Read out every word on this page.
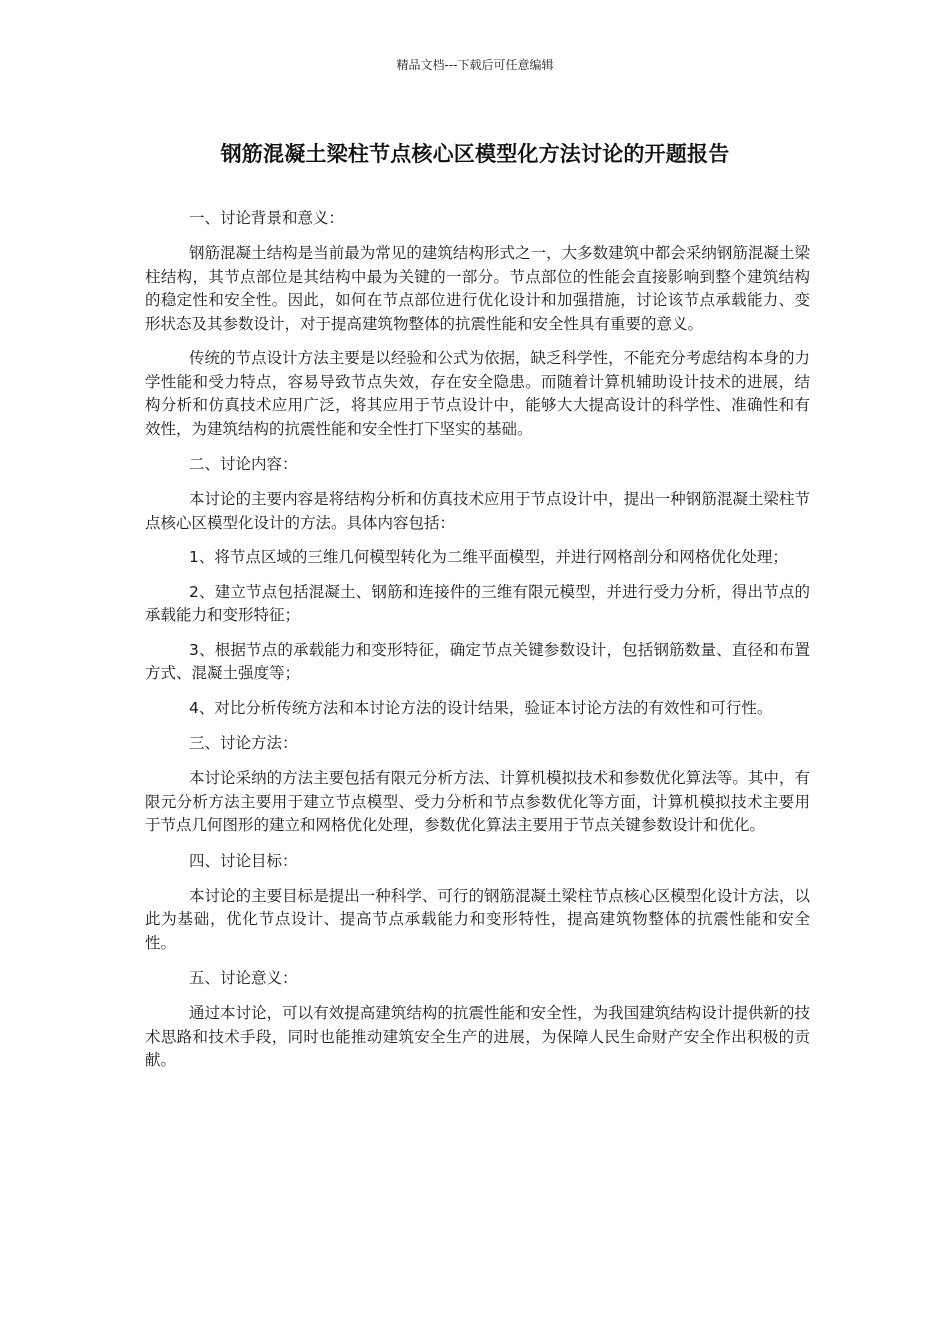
精品文档---下载后可任意编辑
钢筋混凝土梁柱节点核心区模型化方法讨论的开题报告

一、讨论背景和意义：

钢筋混凝土结构是当前最为常见的建筑结构形式之一，大多数建筑中都会采纳钢筋混凝土梁柱结构，其节点部位是其结构中最为关键的一部分。节点部位的性能会直接影响到整个建筑结构的稳定性和安全性。因此，如何在节点部位进行优化设计和加强措施，讨论该节点承载能力、变形状态及其参数设计，对于提高建筑物整体的抗震性能和安全性具有重要的意义。

传统的节点设计方法主要是以经验和公式为依据，缺乏科学性，不能充分考虑结构本身的力学性能和受力特点，容易导致节点失效，存在安全隐患。而随着计算机辅助设计技术的进展，结构分析和仿真技术应用广泛，将其应用于节点设计中，能够大大提高设计的科学性、准确性和有效性，为建筑结构的抗震性能和安全性打下坚实的基础。

二、讨论内容：

本讨论的主要内容是将结构分析和仿真技术应用于节点设计中，提出一种钢筋混凝土梁柱节点核心区模型化设计的方法。具体内容包括：

1、将节点区域的三维几何模型转化为二维平面模型，并进行网格剖分和网格优化处理；

2、建立节点包括混凝土、钢筋和连接件的三维有限元模型，并进行受力分析，得出节点的承载能力和变形特征；

3、根据节点的承载能力和变形特征，确定节点关键参数设计，包括钢筋数量、直径和布置方式、混凝土强度等；

4、对比分析传统方法和本讨论方法的设计结果，验证本讨论方法的有效性和可行性。

三、讨论方法：

本讨论采纳的方法主要包括有限元分析方法、计算机模拟技术和参数优化算法等。其中，有限元分析方法主要用于建立节点模型、受力分析和节点参数优化等方面，计算机模拟技术主要用于节点几何图形的建立和网格优化处理，参数优化算法主要用于节点关键参数设计和优化。

四、讨论目标：

本讨论的主要目标是提出一种科学、可行的钢筋混凝土梁柱节点核心区模型化设计方法，以此为基础，优化节点设计、提高节点承载能力和变形特性，提高建筑物整体的抗震性能和安全性。

五、讨论意义：

通过本讨论，可以有效提高建筑结构的抗震性能和安全性，为我国建筑结构设计提供新的技术思路和技术手段，同时也能推动建筑安全生产的进展，为保障人民生命财产安全作出积极的贡献。
